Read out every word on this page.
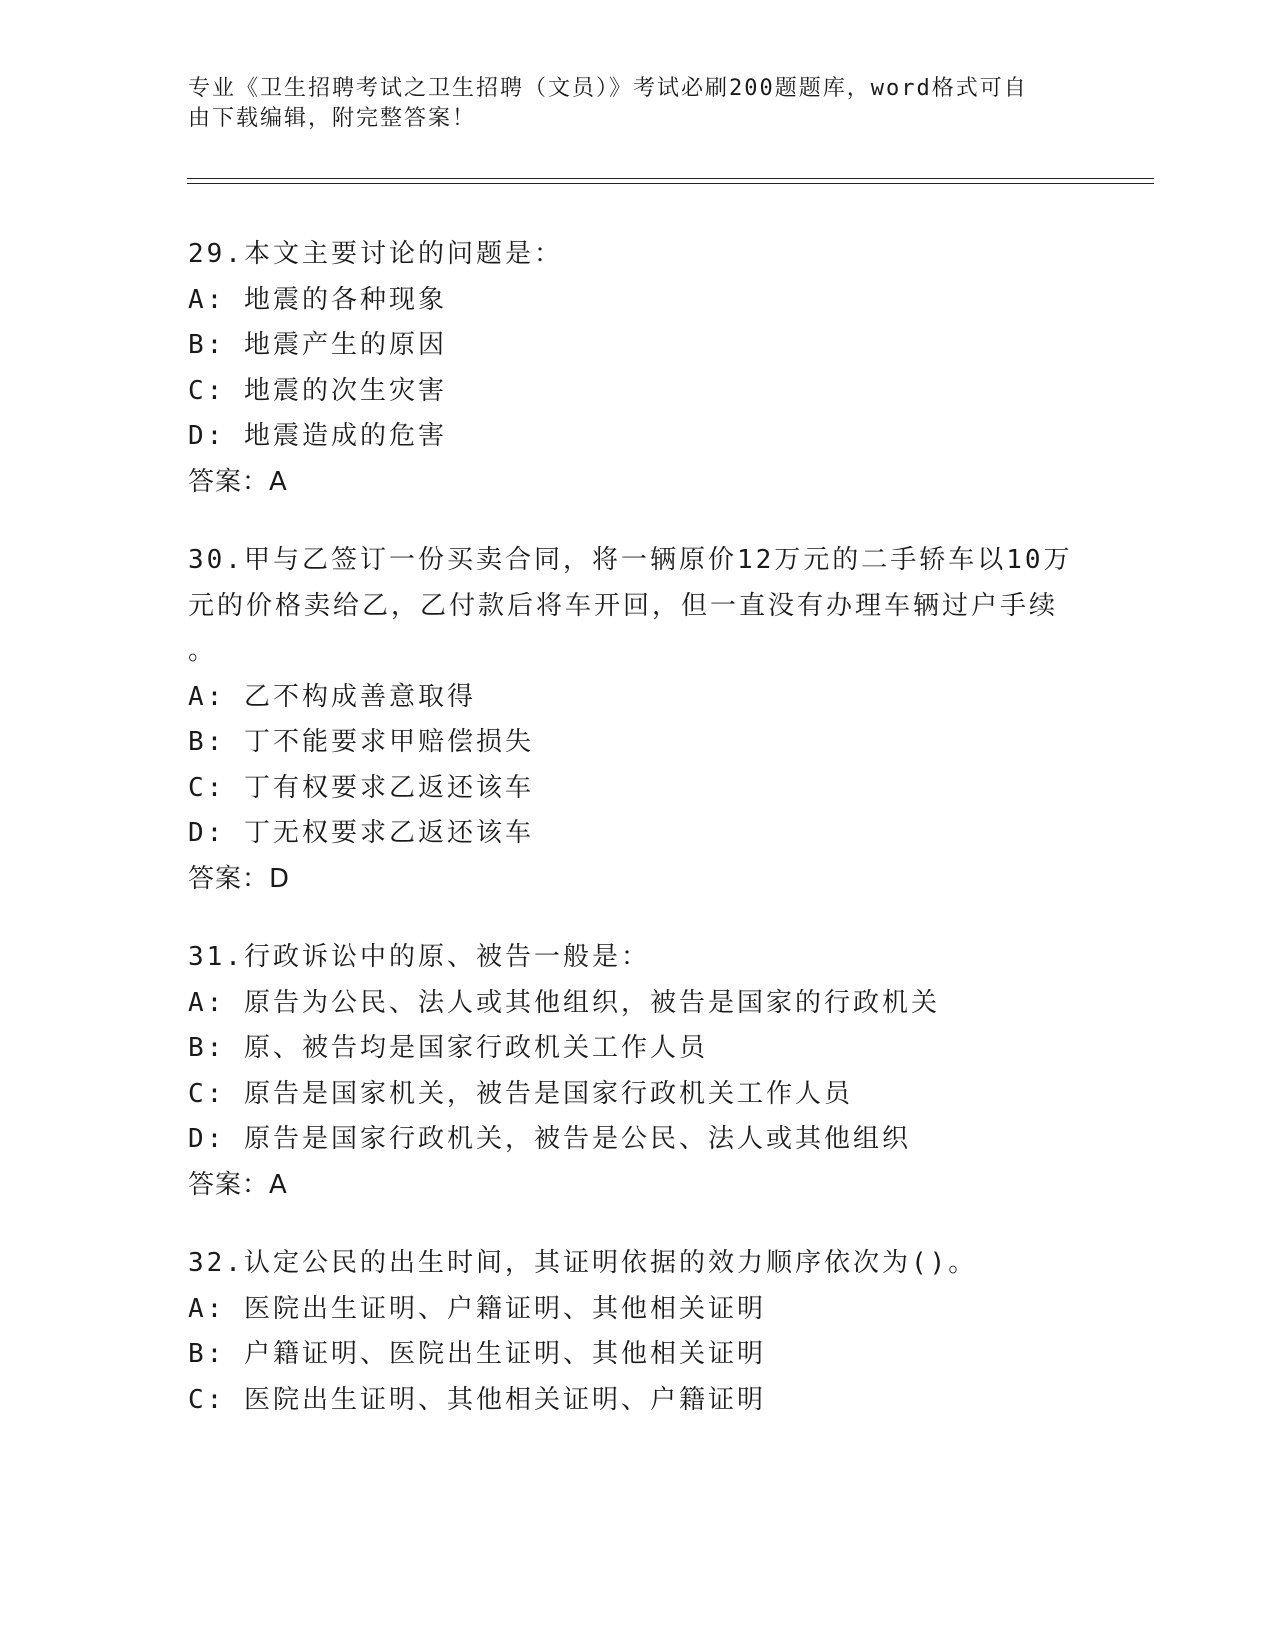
专业《卫生招聘考试之卫生招聘（文员）》考试必刷200题题库，word格式可自
由下载编辑，附完整答案！
29.本文主要讨论的问题是：
A: 地震的各种现象
B: 地震产生的原因
C: 地震的次生灾害
D: 地震造成的危害
答案：A
30.甲与乙签订一份买卖合同，将一辆原价12万元的二手轿车以10万
元的价格卖给乙，乙付款后将车开回，但一直没有办理车辆过户手续
。
A: 乙不构成善意取得
B: 丁不能要求甲赔偿损失
C: 丁有权要求乙返还该车
D: 丁无权要求乙返还该车
答案：D
31.行政诉讼中的原、被告一般是：
A: 原告为公民、法人或其他组织，被告是国家的行政机关
B: 原、被告均是国家行政机关工作人员
C: 原告是国家机关，被告是国家行政机关工作人员
D: 原告是国家行政机关，被告是公民、法人或其他组织
答案：A
32.认定公民的出生时间，其证明依据的效力顺序依次为()。
A: 医院出生证明、户籍证明、其他相关证明
B: 户籍证明、医院出生证明、其他相关证明
C: 医院出生证明、其他相关证明、户籍证明
